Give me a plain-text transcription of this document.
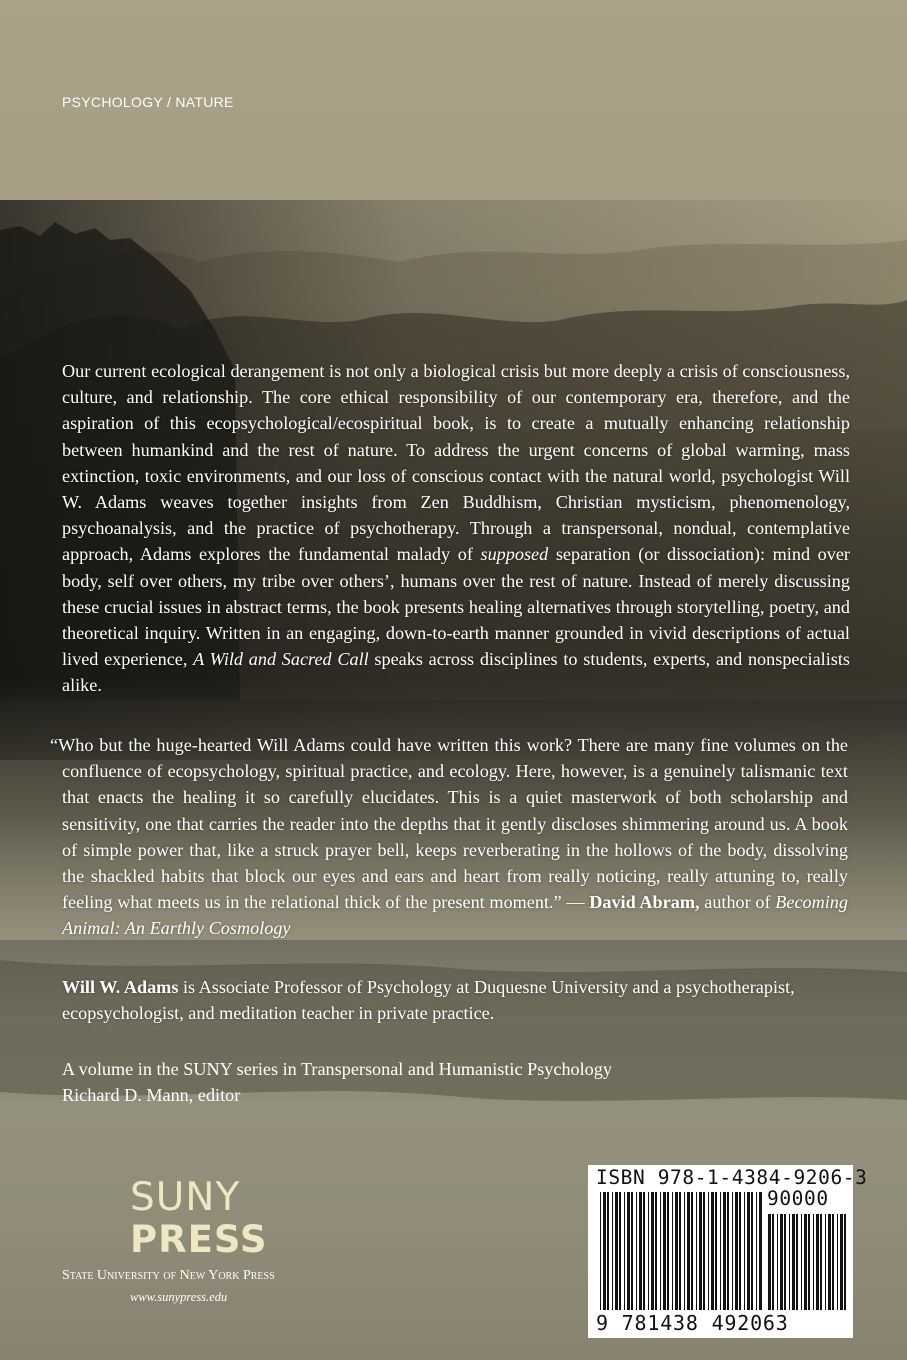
PSYCHOLOGY / NATURE

Our current ecological derangement is not only a biological crisis but more deeply a crisis of consciousness, culture, and relationship. The core ethical responsibility of our contemporary era, therefore, and the aspiration of this ecopsychological/ecospiritual book, is to create a mutually enhancing relationship between humankind and the rest of nature. To address the urgent concerns of global warming, mass extinction, toxic environments, and our loss of conscious contact with the natural world, psychologist Will W. Adams weaves together insights from Zen Buddhism, Christian mysticism, phenomenology, psychoanalysis, and the practice of psychotherapy. Through a transpersonal, nondual, contemplative approach, Adams explores the fundamental malady of supposed separation (or dissociation): mind over body, self over others, my tribe over others’, humans over the rest of nature. Instead of merely discussing these crucial issues in abstract terms, the book presents healing alternatives through storytelling, poetry, and theoretical inquiry. Written in an engaging, down-to-earth manner grounded in vivid descriptions of actual lived experience, A Wild and Sacred Call speaks across disciplines to students, experts, and nonspecialists alike.

“Who but the huge-hearted Will Adams could have written this work? There are many fine volumes on the confluence of ecopsychology, spiritual practice, and ecology. Here, however, is a genuinely talismanic text that enacts the healing it so carefully elucidates. This is a quiet masterwork of both scholarship and sensitivity, one that carries the reader into the depths that it gently discloses shimmering around us. A book of simple power that, like a struck prayer bell, keeps reverberating in the hollows of the body, dissolving the shackled habits that block our eyes and ears and heart from really noticing, really attuning to, really feeling what meets us in the relational thick of the present moment.” — David Abram, author of Becoming Animal: An Earthly Cosmology

Will W. Adams is Associate Professor of Psychology at Duquesne University and a psychotherapist, ecopsychologist, and meditation teacher in private practice.

A volume in the SUNY series in Transpersonal and Humanistic Psychology
Richard D. Mann, editor

SUNY
PRESS
State University of New York Press
www.sunypress.edu
ISBN 978-1-4384-9206-3
90000
9 781438 492063
